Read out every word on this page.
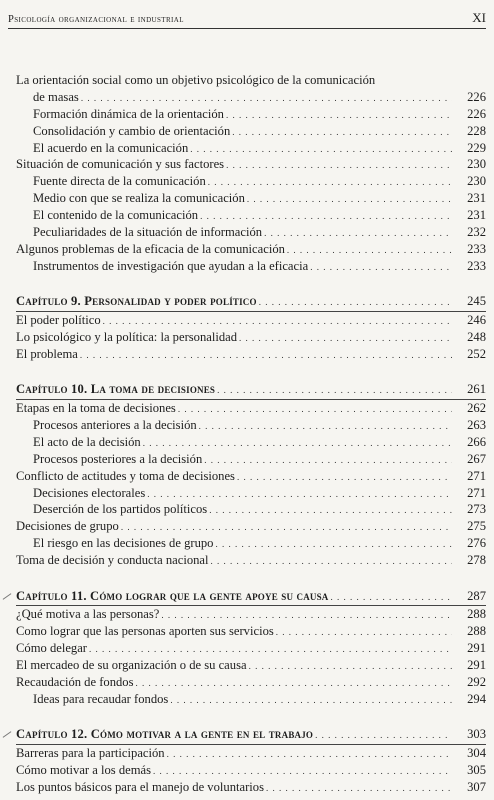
Psicología organizacional e industrial	XI
La orientación social como un objetivo psicológico de la comunicación
de masas . . .	226
Formación dinámica de la orientación . . .	226
Consolidación y cambio de orientación . . .	228
El acuerdo en la comunicación . . .	229
Situación de comunicación y sus factores . . .	230
Fuente directa de la comunicación . . .	230
Medio con que se realiza la comunicación . . .	231
El contenido de la comunicación . . .	231
Peculiaridades de la situación de información . . .	232
Algunos problemas de la eficacia de la comunicación . . .	233
Instrumentos de investigación que ayudan a la eficacia . . .	233
Capítulo 9. Personalidad y poder político . . .	245
El poder político . . .	246
Lo psicológico y la política: la personalidad . . .	248
El problema . . .	252
Capítulo 10. La toma de decisiones . . .	261
Etapas en la toma de decisiones . . .	262
Procesos anteriores a la decisión . . .	263
El acto de la decisión . . .	266
Procesos posteriores a la decisión . . .	267
Conflicto de actitudes y toma de decisiones . . .	271
Decisiones electorales . . .	271
Deserción de los partidos políticos . . .	273
Decisiones de grupo . . .	275
El riesgo en las decisiones de grupo . . .	276
Toma de decisión y conducta nacional . . .	278
Capítulo 11. Cómo lograr que la gente apoye su causa . . .	287
¿Qué motiva a las personas? . . .	288
Como lograr que las personas aporten sus servicios . . .	288
Cómo delegar . . .	291
El mercadeo de su organización o de su causa . . .	291
Recaudación de fondos . . .	292
Ideas para recaudar fondos . . .	294
Capítulo 12. Cómo motivar a la gente en el trabajo . . .	303
Barreras para la participación . . .	304
Cómo motivar a los demás . . .	305
Los puntos básicos para el manejo de voluntarios . . .	307
